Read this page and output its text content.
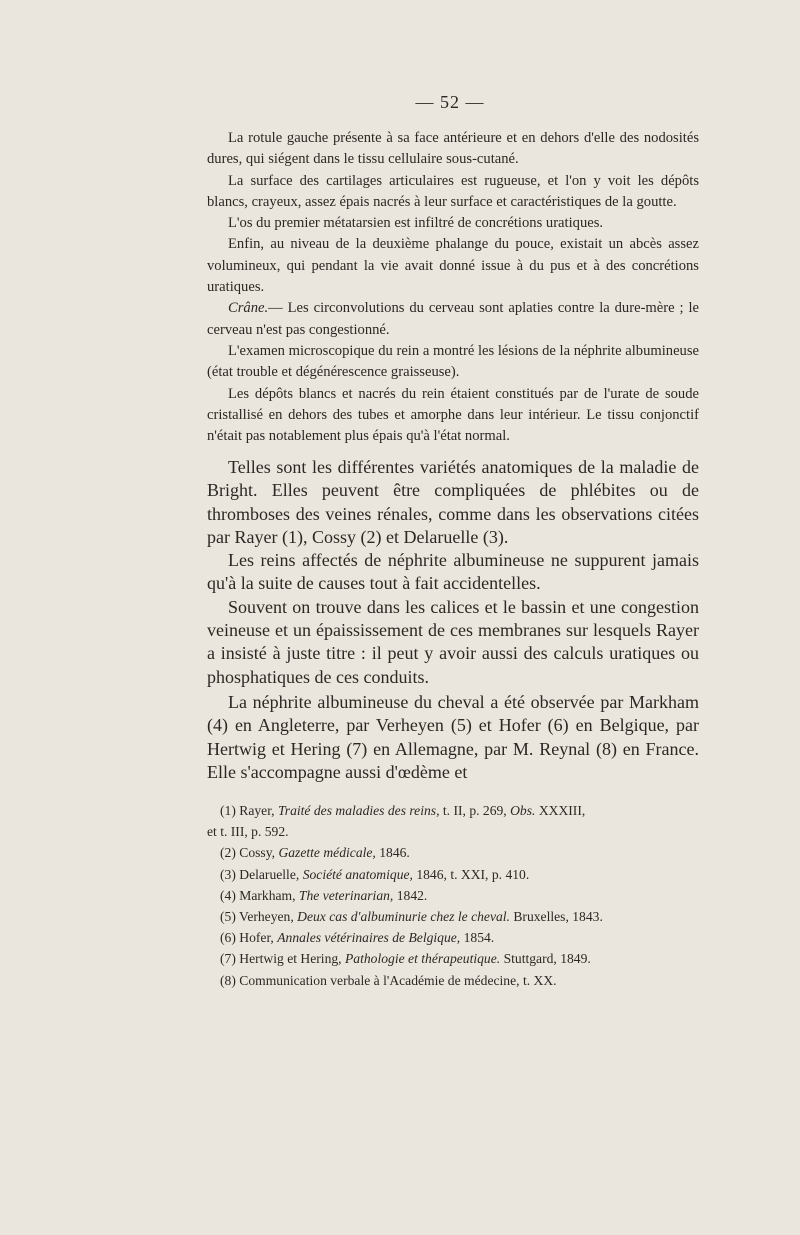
— 52 —

La rotule gauche présente à sa face antérieure et en dehors d'elle des nodosités dures, qui siégent dans le tissu cellulaire sous-cutané.

La surface des cartilages articulaires est rugueuse, et l'on y voit les dépôts blancs, crayeux, assez épais nacrés à leur surface et caractéristiques de la goutte.

L'os du premier métatarsien est infiltré de concrétions uratiques.

Enfin, au niveau de la deuxième phalange du pouce, existait un abcès assez volumineux, qui pendant la vie avait donné issue à du pus et à des concrétions uratiques.

Crâne.— Les circonvolutions du cerveau sont aplaties contre la dure-mère ; le cerveau n'est pas congestionné.

L'examen microscopique du rein a montré les lésions de la néphrite albumineuse (état trouble et dégénérescence graisseuse).

Les dépôts blancs et nacrés du rein étaient constitués par de l'urate de soude cristallisé en dehors des tubes et amorphe dans leur intérieur. Le tissu conjonctif n'était pas notablement plus épais qu'à l'état normal.

Telles sont les différentes variétés anatomiques de la maladie de Bright. Elles peuvent être compliquées de phlébites ou de thromboses des veines rénales, comme dans les observations citées par Rayer (1), Cossy (2) et Delaruelle (3).

Les reins affectés de néphrite albumineuse ne suppurent jamais qu'à la suite de causes tout à fait accidentelles.

Souvent on trouve dans les calices et le bassin et une congestion veineuse et un épaississement de ces membranes sur lesquels Rayer a insisté à juste titre : il peut y avoir aussi des calculs uratiques ou phosphatiques de ces conduits.

La néphrite albumineuse du cheval a été observée par Markham (4) en Angleterre, par Verheyen (5) et Hofer (6) en Belgique, par Hertwig et Hering (7) en Allemagne, par M. Reynal (8) en France. Elle s'accompagne aussi d'œdème et

(1) Rayer, Traité des maladies des reins, t. II, p. 269, Obs. XXXIII,

et t. III, p. 592.

(2) Cossy, Gazette médicale, 1846.

(3) Delaruelle, Société anatomique, 1846, t. XXI, p. 410.

(4) Markham, The veterinarian, 1842.

(5) Verheyen, Deux cas d'albuminurie chez le cheval. Bruxelles, 1843.

(6) Hofer, Annales vétérinaires de Belgique, 1854.

(7) Hertwig et Hering, Pathologie et thérapeutique. Stuttgard, 1849.

(8) Communication verbale à l'Académie de médecine, t. XX.
